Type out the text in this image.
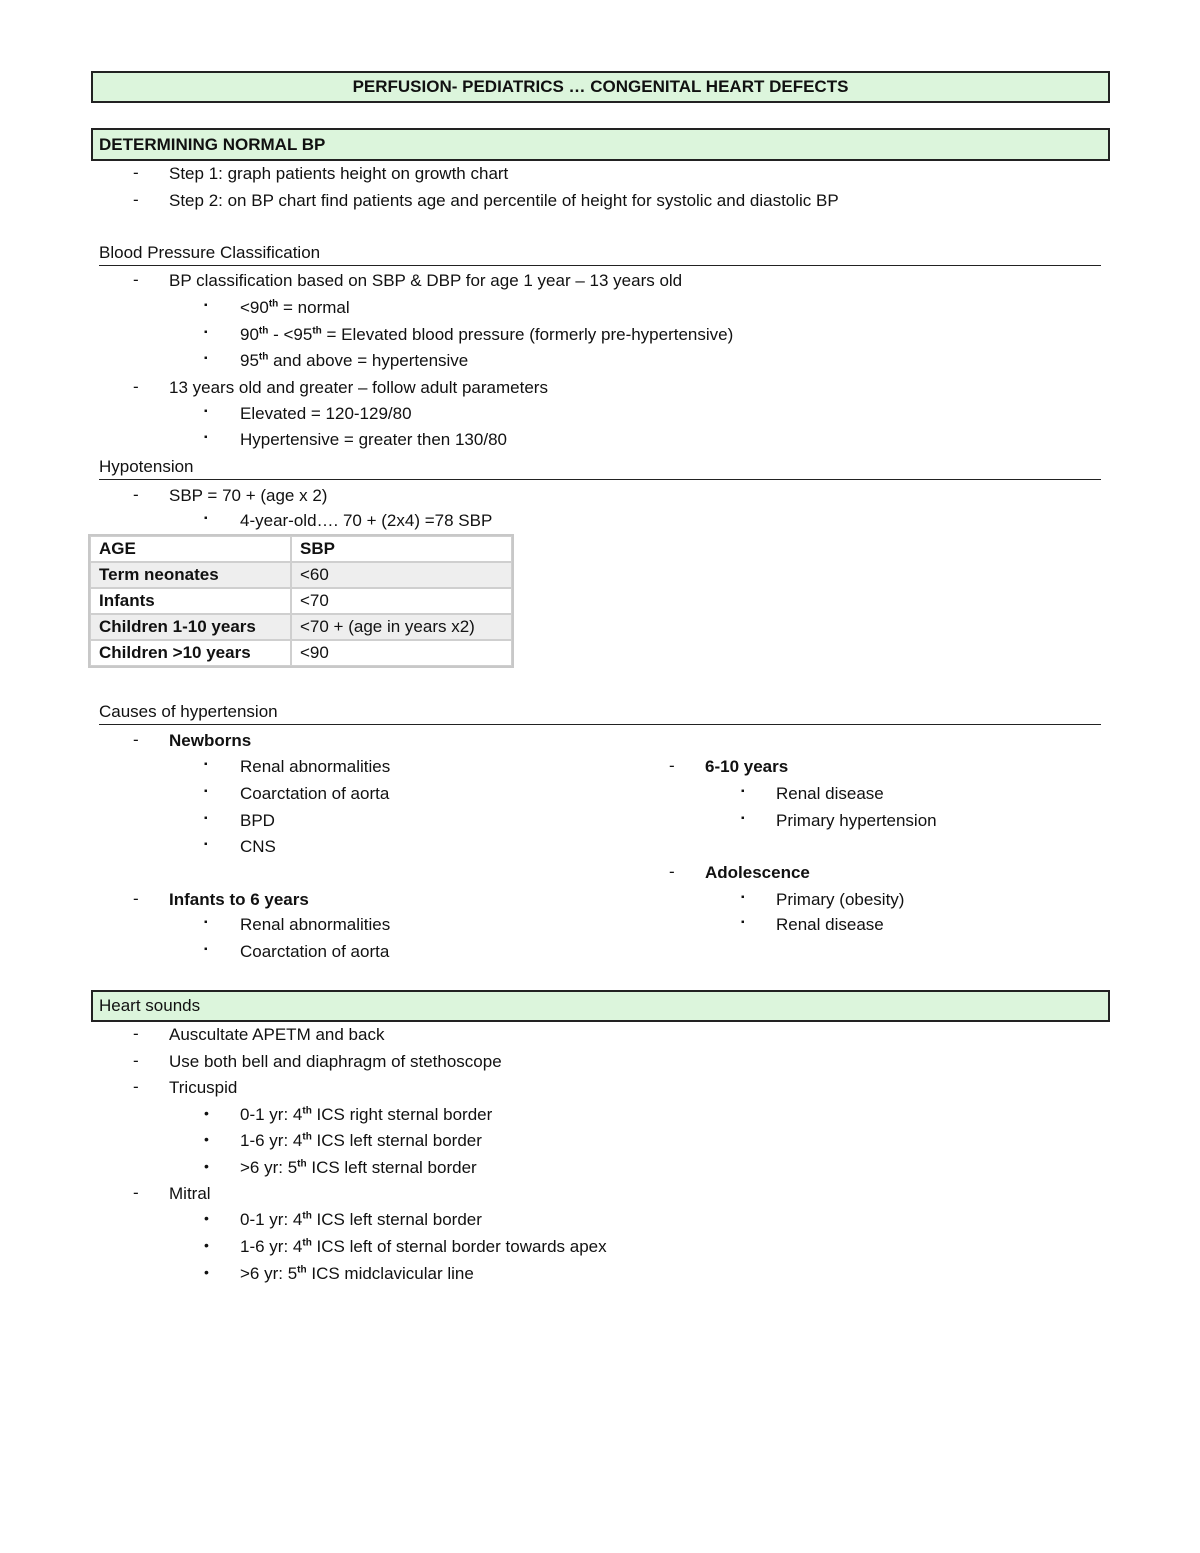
PERFUSION- PEDIATRICS … CONGENITAL HEART DEFECTS
DETERMINING NORMAL BP
- Step 1: graph patients height on growth chart
- Step 2: on BP chart find patients age and percentile of height for systolic and diastolic BP
Blood Pressure Classification
- BP classification based on SBP & DBP for age 1 year – 13 years old
▪ <90th = normal
▪ 90th - <95th = Elevated blood pressure (formerly pre-hypertensive)
▪ 95th and above = hypertensive
- 13 years old and greater – follow adult parameters
▪ Elevated = 120-129/80
▪ Hypertensive = greater then 130/80
Hypotension
- SBP = 70 + (age x 2)
▪ 4-year-old…. 70 + (2x4) =78 SBP
AGE	SBP
Term neonates	<60
Infants	<70
Children 1-10 years	<70 + (age in years x2)
Children >10 years	<90
Causes of hypertension
- Newborns
▪ Renal abnormalities
▪ Coarctation of aorta
▪ BPD
▪ CNS
- Infants to 6 years
▪ Renal abnormalities
▪ Coarctation of aorta
- 6-10 years
▪ Renal disease
▪ Primary hypertension
- Adolescence
▪ Primary (obesity)
▪ Renal disease
Heart sounds
- Auscultate APETM and back
- Use both bell and diaphragm of stethoscope
- Tricuspid
• 0-1 yr: 4th ICS right sternal border
• 1-6 yr: 4th ICS left sternal border
• >6 yr: 5th ICS left sternal border
- Mitral
• 0-1 yr: 4th ICS left sternal border
• 1-6 yr: 4th ICS left of sternal border towards apex
• >6 yr: 5th ICS midclavicular line
